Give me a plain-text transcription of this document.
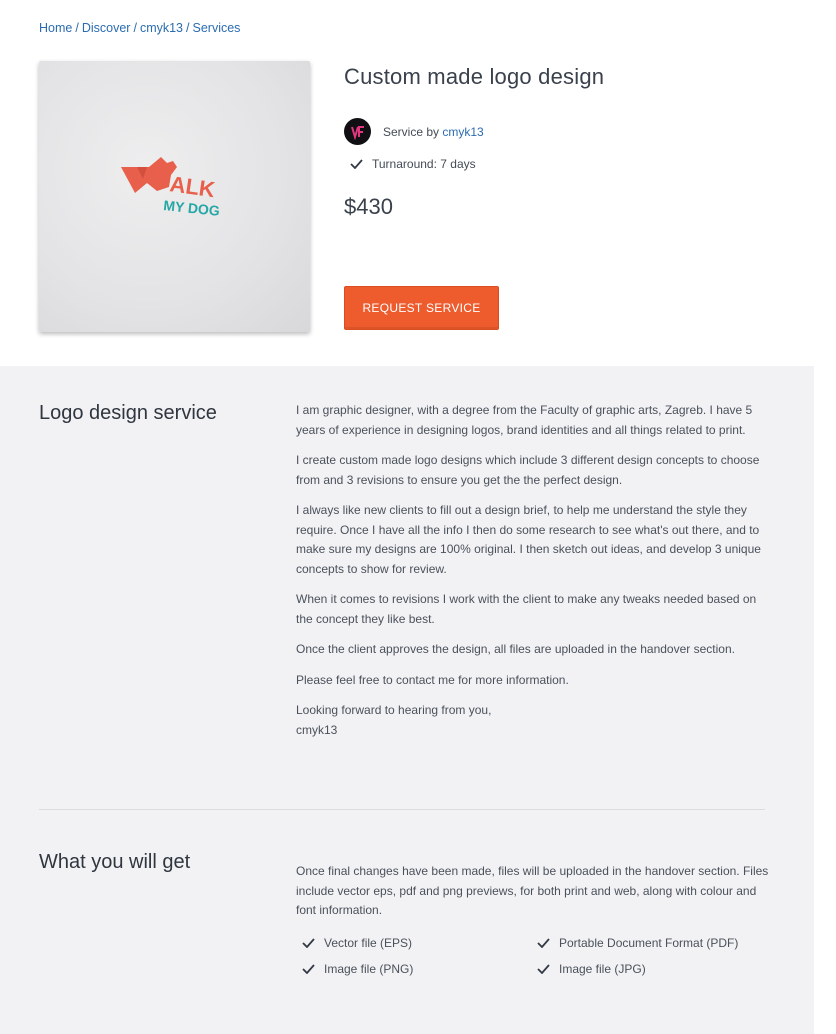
Home / Discover / cmyk13 / Services
ALK
MY DOG
Custom made logo design
Service by cmyk13
Turnaround: 7 days
$430
REQUEST SERVICE
Logo design service	I am graphic designer, with a degree from the Faculty of graphic arts, Zagreb. I have 5 years of experience in designing logos, brand identities and all things related to print.

I create custom made logo designs which include 3 different design concepts to choose from and 3 revisions to ensure you get the the perfect design.

I always like new clients to fill out a design brief, to help me understand the style they require. Once I have all the info I then do some research to see what's out there, and to make sure my designs are 100% original. I then sketch out ideas, and develop 3 unique concepts to show for review.

When it comes to revisions I work with the client to make any tweaks needed based on the concept they like best.

Once the client approves the design, all files are uploaded in the handover section.

Please feel free to contact me for more information.

Looking forward to hearing from you,
cmyk13
What you will get	Once final changes have been made, files will be uploaded in the handover section. Files include vector eps, pdf and png previews, for both print and web, along with colour and font information.

Vector file (EPS)	Portable Document Format (PDF)
Image file (PNG)	Image file (JPG)
